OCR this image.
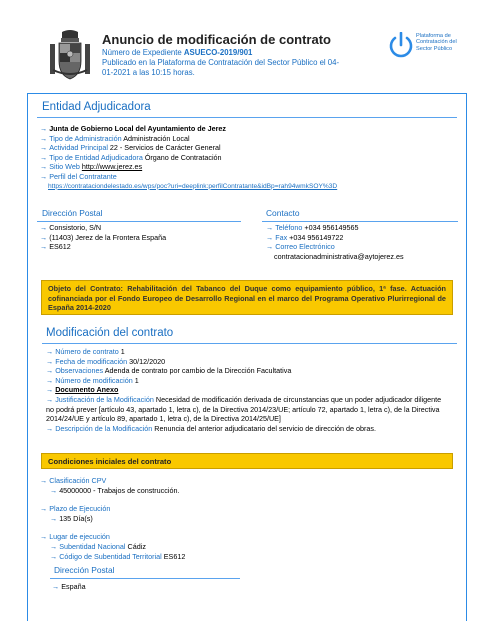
Anuncio de modificación de contrato
Número de Expediente ASUECO-2019/901
Publicado en la Plataforma de Contratación del Sector Público el 04-01-2021 a las 10:15 horas.
Plataforma de Contratación del Sector Público
Entidad Adjudicadora
→ Junta de Gobierno Local del Ayuntamiento de Jerez
→ Tipo de Administración Administración Local
→ Actividad Principal 22 - Servicios de Carácter General
→ Tipo de Entidad Adjudicadora Órgano de Contratación
→ Sitio Web http://www.jerez.es
→ Perfil del Contratante
https://contrataciondelestado.es/wps/poc?uri=deeplink:perfilContratante&idBp=rah94wmkSOY%3D
Dirección Postal
→ Consistorio, S/N
→ (11403) Jerez de la Frontera España
→ ES612
Contacto
→ Teléfono +034 956149565
→ Fax +034 956149722
→ Correo Electrónico
contratacionadministrativa@aytojerez.es
Objeto del Contrato: Rehabilitación del Tabanco del Duque como equipamiento público, 1ª fase. Actuación cofinanciada por el Fondo Europeo de Desarrollo Regional en el marco del Programa Operativo Plurirregional de España 2014-2020
Modificación del contrato
→ Número de contrato 1
→ Fecha de modificación 30/12/2020
→ Observaciones Adenda de contrato por cambio de la Dirección Facultativa
→ Número de modificación 1
→ Documento Anexo
→ Justificación de la Modificación Necesidad de modificación derivada de circunstancias que un poder adjudicador diligente no podrá prever [artículo 43, apartado 1, letra c), de la Directiva 2014/23/UE; artículo 72, apartado 1, letra c), de la Directiva 2014/24/UE y artículo 89, apartado 1, letra c), de la Directiva 2014/25/UE]
→ Descripción de la Modificación Renuncia del anterior adjudicatario del servicio de dirección de obras.
Condiciones iniciales del contrato
→ Clasificación CPV
→ 45000000 - Trabajos de construcción.
→ Plazo de Ejecución
→ 135 Día(s)
→ Lugar de ejecución
→ Subentidad Nacional Cádiz
→ Código de Subentidad Territorial ES612
Dirección Postal
→ España
